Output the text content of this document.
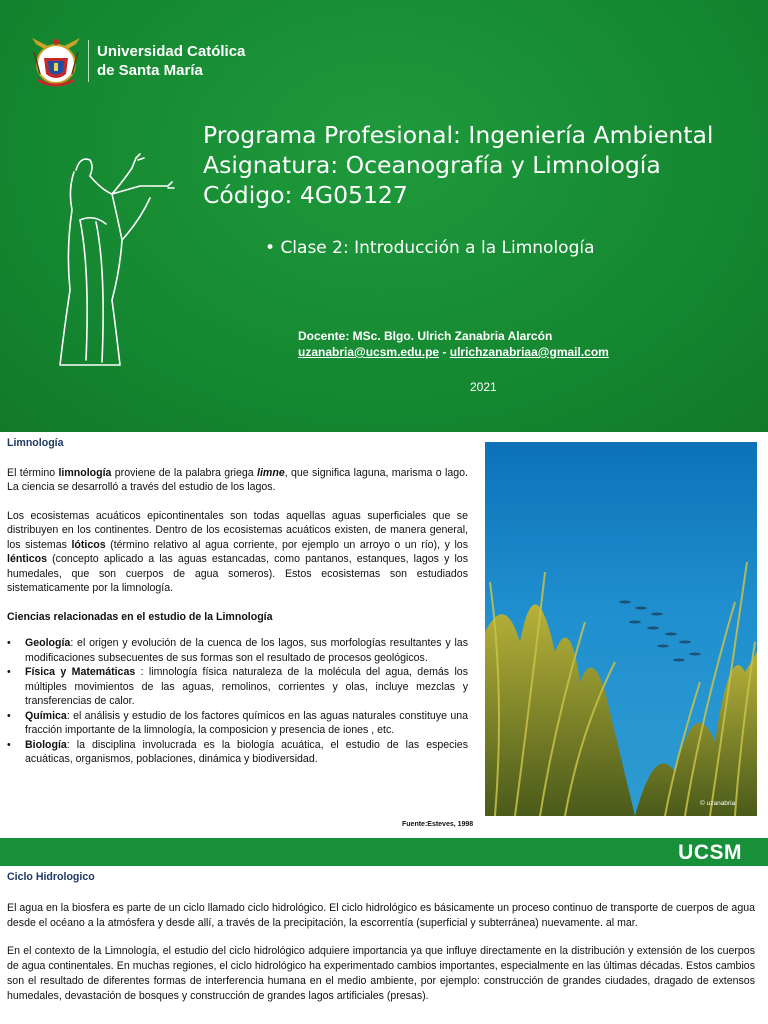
Universidad Católica
de Santa María
Programa Profesional: Ingeniería Ambiental
Asignatura: Oceanografía y Limnología
Código: 4G05127
• Clase 2: Introducción a la Limnología
Docente: MSc. Blgo. Ulrich Zanabria Alarcón
uzanabria@ucsm.edu.pe - ulrichzanabriaa@gmail.com
2021
Limnología

El término limnología proviene de la palabra griega limne, que significa laguna, marisma o lago. La ciencia se desarrolló a través del estudio de los lagos.

Los ecosistemas acuáticos epicontinentales son todas aquellas aguas superficiales que se distribuyen en los continentes. Dentro de los ecosistemas acuáticos existen, de manera general, los sistemas lóticos (término relativo al agua corriente, por ejemplo un arroyo o un río), y los lénticos (concepto aplicado a las aguas estancadas, como pantanos, estanques, lagos y los humedales, que son cuerpos de agua someros). Estos ecosistemas son estudiados sistematicamente por la limnología.

Ciencias relacionadas en el estudio de la Limnología
• Geología: el origen y evolución de la cuenca de los lagos, sus morfologías resultantes y las modificaciones subsecuentes de sus formas son el resultado de procesos geológicos.
• Física y Matemáticas : limnología física naturaleza de la molécula del agua, demás los múltiples movimientos de las aguas, remolinos, corrientes y olas, incluye mezclas y transferencias de calor.
• Química: el análisis y estudio de los factores químicos en las aguas naturales constituye una fracción importante de la limnología, la composicion y presencia de iones , etc.
• Biología: la disciplina involucrada es la biología acuática, el estudio de las especies acuáticas, organismos, poblaciones, dinámica y biodiversidad.
Fuente:Esteves, 1998
© uzanabria
UCSM
Ciclo Hidrologico

El agua en la biosfera es parte de un ciclo llamado ciclo hidrológico. El ciclo hidrológico es básicamente un proceso continuo de transporte de cuerpos de agua desde el océano a la atmósfera y desde allí, a través de la precipitación, la escorrentía (superficial y subterránea) nuevamente. al mar.

En el contexto de la Limnología, el estudio del ciclo hidrológico adquiere importancia ya que influye directamente en la distribución y extensión de los cuerpos de agua continentales. En muchas regiones, el ciclo hidrológico ha experimentado cambios importantes, especialmente en las últimas décadas. Estos cambios son el resultado de diferentes formas de interferencia humana en el medio ambiente, por ejemplo: construcción de grandes ciudades, dragado de extensos humedales, devastación de bosques y construcción de grandes lagos artificiales (presas).
